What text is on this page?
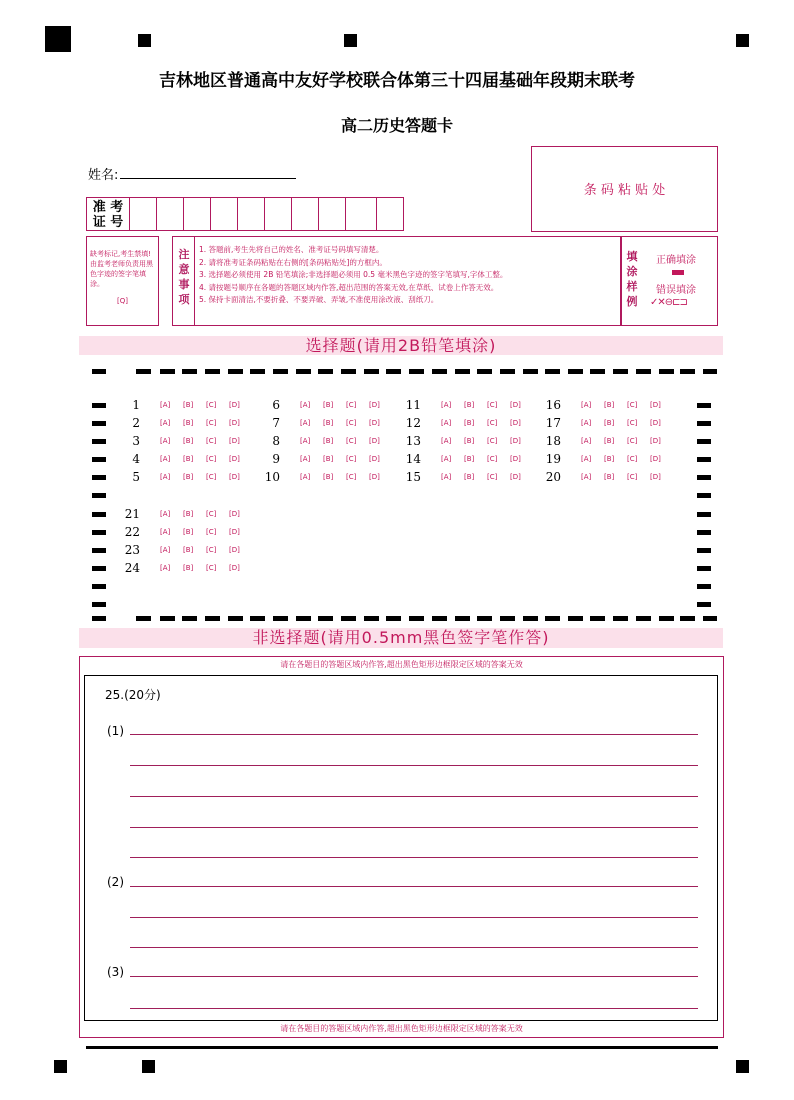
吉林地区普通高中友好学校联合体第三十四届基础年段期末联考
高二历史答题卡
姓名:
准 考
证 号
条 码 粘 贴 处
缺考标记,考生禁填!由监考老师负责用黑色字迹的签字笔填涂。
[Q]
注
意
事
项
1. 答题前,考生先将自己的姓名、准考证号码填写清楚。
2. 请将准考证条码粘贴在右侧的[条码粘贴处]的方框内。
3. 选择题必须使用 2B 铅笔填涂;非选择题必须用 0.5 毫米黑色字迹的签字笔填写,字体工整。
4. 请按题号顺序在各题的答题区域内作答,超出范围的答案无效,在草纸、试卷上作答无效。
5. 保持卡面清洁,不要折叠、不要弄破、弄皱,不准使用涂改液、刮纸刀。
填
涂
样
例
正确填涂
错误填涂
✓✕⊖⊏⊐
选择题(请用2B铅笔填涂)
1	[A] [B] [C] [D]
2	[A] [B] [C] [D]
3	[A] [B] [C] [D]
4	[A] [B] [C] [D]
5	[A] [B] [C] [D]
6	[A] [B] [C] [D]
7	[A] [B] [C] [D]
8	[A] [B] [C] [D]
9	[A] [B] [C] [D]
10	[A] [B] [C] [D]
11	[A] [B] [C] [D]
12	[A] [B] [C] [D]
13	[A] [B] [C] [D]
14	[A] [B] [C] [D]
15	[A] [B] [C] [D]
16	[A] [B] [C] [D]
17	[A] [B] [C] [D]
18	[A] [B] [C] [D]
19	[A] [B] [C] [D]
20	[A] [B] [C] [D]
21	[A] [B] [C] [D]
22	[A] [B] [C] [D]
23	[A] [B] [C] [D]
24	[A] [B] [C] [D]
非选择题(请用0.5mm黑色签字笔作答)
请在各题目的答题区域内作答,超出黑色矩形边框限定区域的答案无效
25.(20分)
(1)
(2)
(3)
请在各题目的答题区域内作答,超出黑色矩形边框限定区域的答案无效
